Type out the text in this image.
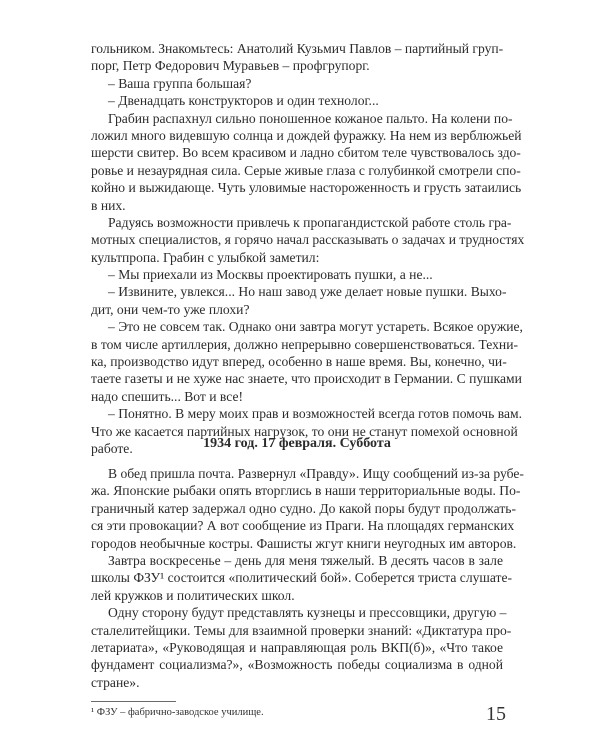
гольником. Знакомьтесь: Анатолий Кузьмич Павлов – партийный груп-
порг, Петр Федорович Муравьев – профгрупорг.
– Ваша группа большая?
– Двенадцать конструкторов и один технолог...
Грабин распахнул сильно поношенное кожаное пальто. На колени по-
ложил много видевшую солнца и дождей фуражку. На нем из верблюжьей
шерсти свитер. Во всем красивом и ладно сбитом теле чувствовалось здо-
ровье и незаурядная сила. Серые живые глаза с голубинкой смотрели спо-
койно и выжидающе. Чуть уловимые настороженность и грусть затаились
в них.
Радуясь возможности привлечь к пропагандистской работе столь гра-
мотных специалистов, я горячо начал рассказывать о задачах и трудностях
культпропа. Грабин с улыбкой заметил:
– Мы приехали из Москвы проектировать пушки, а не...
– Извините, увлекся... Но наш завод уже делает новые пушки. Выхо-
дит, они чем-то уже плохи?
– Это не совсем так. Однако они завтра могут устареть. Всякое оружие,
в том числе артиллерия, должно непрерывно совершенствоваться. Техни-
ка, производство идут вперед, особенно в наше время. Вы, конечно, чи-
таете газеты и не хуже нас знаете, что происходит в Германии. С пушками
надо спешить... Вот и все!
– Понятно. В меру моих прав и возможностей всегда готов помочь вам.
Что же касается партийных нагрузок, то они не станут помехой основной
работе.	1934 год. 17 февраля. Суббота
В обед пришла почта. Развернул «Правду». Ищу сообщений из-за рубе-
жа. Японские рыбаки опять вторглись в наши территориальные воды. По-
граничный катер задержал одно судно. До какой поры будут продолжать-
ся эти провокации? А вот сообщение из Праги. На площадях германских
городов необычные костры. Фашисты жгут книги неугодных им авторов.
Завтра воскресенье – день для меня тяжелый. В десять часов в зале
школы ФЗУ¹ состоится «политический бой». Соберется триста слушате-
лей кружков и политических школ.
Одну сторону будут представлять кузнецы и прессовщики, другую –
сталелитейщики. Темы для взаимной проверки знаний: «Диктатура про-
летариата», «Руководящая и направляющая роль ВКП(б)», «Что такое
фундамент социализма?», «Возможность победы социализма в одной
стране».
¹ ФЗУ – фабрично-заводское училище.	15
